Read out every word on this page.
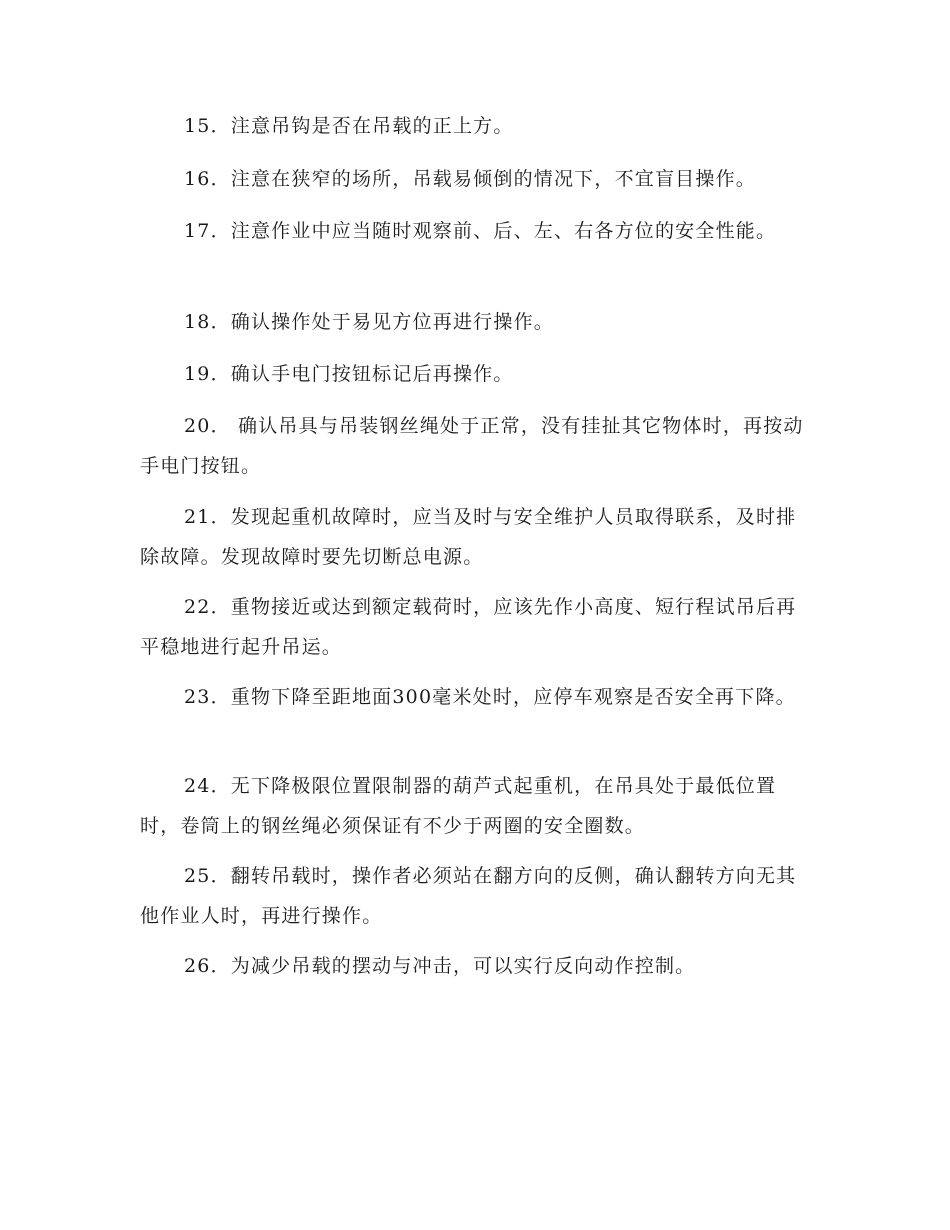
15．注意吊钩是否在吊载的正上方。

16．注意在狭窄的场所，吊载易倾倒的情况下，不宜盲目操作。

17．注意作业中应当随时观察前、后、左、右各方位的安全性能。

18．确认操作处于易见方位再进行操作。

19．确认手电门按钮标记后再操作。

20． 确认吊具与吊装钢丝绳处于正常，没有挂扯其它物体时，再按动手电门按钮。

21．发现起重机故障时，应当及时与安全维护人员取得联系，及时排除故障。发现故障时要先切断总电源。

22．重物接近或达到额定载荷时，应该先作小高度、短行程试吊后再平稳地进行起升吊运。

23．重物下降至距地面300毫米处时，应停车观察是否安全再下降。

24．无下降极限位置限制器的葫芦式起重机，在吊具处于最低位置时，卷筒上的钢丝绳必须保证有不少于两圈的安全圈数。

25．翻转吊载时，操作者必须站在翻方向的反侧，确认翻转方向无其他作业人时，再进行操作。

26．为减少吊载的摆动与冲击，可以实行反向动作控制。
